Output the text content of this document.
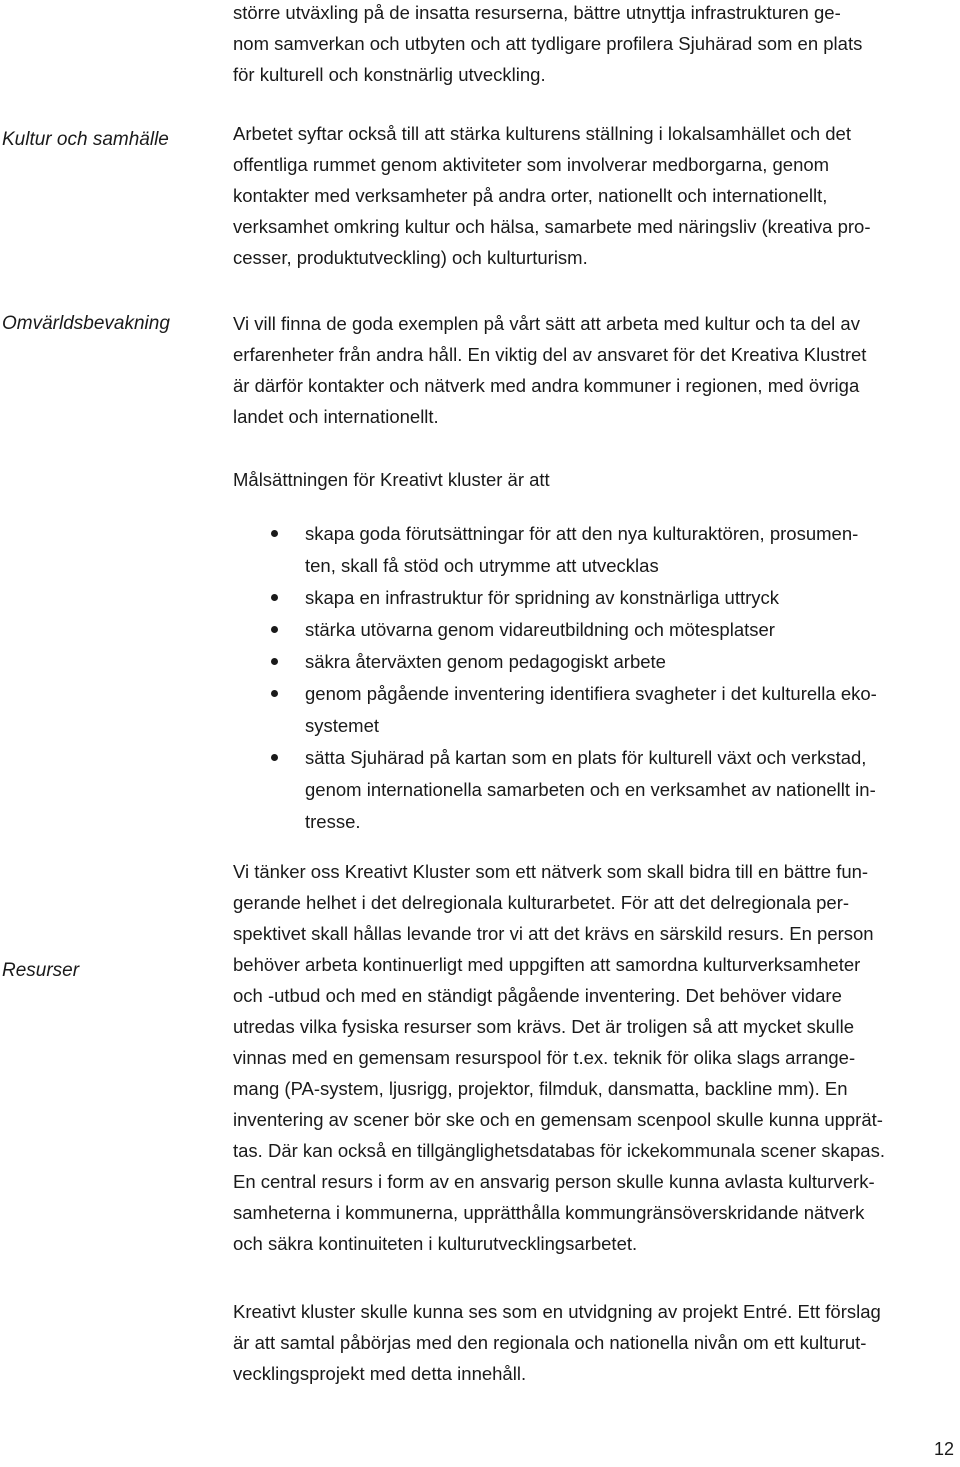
större utväxling på de insatta resurserna, bättre utnyttja infrastrukturen ge-
nom samverkan och utbyten och att tydligare profilera Sjuhärad som en plats
för kulturell och konstnärlig utveckling.
Kultur och samhälle	Arbetet syftar också till att stärka kulturens ställning i lokalsamhället och det
offentliga rummet genom aktiviteter som involverar medborgarna, genom
kontakter med verksamheter på andra orter, nationellt och internationellt,
verksamhet omkring kultur och hälsa, samarbete med näringsliv (kreativa pro-
cesser, produktutveckling) och kulturturism.
Omvärldsbevakning	Vi vill finna de goda exemplen på vårt sätt att arbeta med kultur och ta del av
erfarenheter från andra håll. En viktig del av ansvaret för det Kreativa Klustret
är därför kontakter och nätverk med andra kommuner i regionen, med övriga
landet och internationellt.
Målsättningen för Kreativt kluster är att
skapa goda förutsättningar för att den nya kulturaktören, prosumen-
ten, skall få stöd och utrymme att utvecklas
skapa en infrastruktur för spridning av konstnärliga uttryck
stärka utövarna genom vidareutbildning och mötesplatser
säkra återväxten genom pedagogiskt arbete
genom pågående inventering identifiera svagheter i det kulturella eko-
systemet
sätta Sjuhärad på kartan som en plats för kulturell växt och verkstad,
genom internationella samarbeten och en verksamhet av nationellt in-
tresse.
Resurser
Vi tänker oss Kreativt Kluster som ett nätverk som skall bidra till en bättre fun-
gerande helhet i det delregionala kulturarbetet. För att det delregionala per-
spektivet skall hållas levande tror vi att det krävs en särskild resurs. En person
behöver arbeta kontinuerligt med uppgiften att samordna kulturverksamheter
och -utbud och med en ständigt pågående inventering. Det behöver vidare
utredas vilka fysiska resurser som krävs. Det är troligen så att mycket skulle
vinnas med en gemensam resurspool för t.ex. teknik för olika slags arrange-
mang (PA-system, ljusrigg, projektor, filmduk, dansmatta, backline mm). En
inventering av scener bör ske och en gemensam scenpool skulle kunna upprät-
tas. Där kan också en tillgänglighetsdatabas för ickekommunala scener skapas.
En central resurs i form av en ansvarig person skulle kunna avlasta kulturverk-
samheterna i kommunerna, upprätthålla kommungränsöverskridande nätverk
och säkra kontinuiteten i kulturutvecklingsarbetet.
Kreativt kluster skulle kunna ses som en utvidgning av projekt Entré. Ett förslag
är att samtal påbörjas med den regionala och nationella nivån om ett kulturut-
vecklingsprojekt med detta innehåll.
12
